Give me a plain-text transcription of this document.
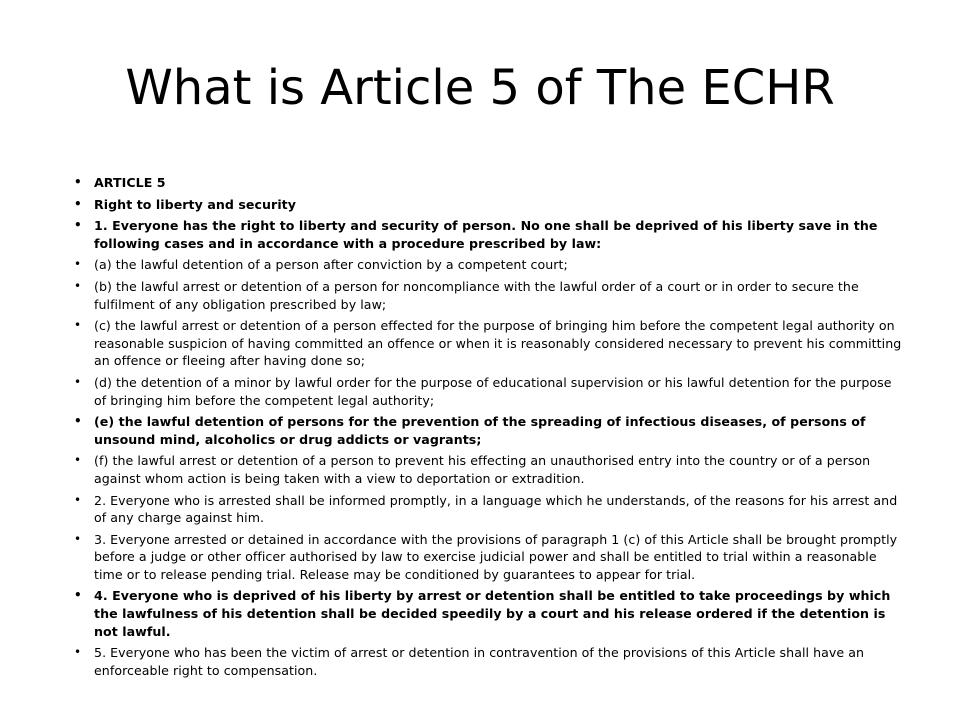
What is Article 5 of The ECHR
• ARTICLE 5
• Right to liberty and security
• 1. Everyone has the right to liberty and security of person. No one shall be deprived of his liberty save in the following cases and in accordance with a procedure prescribed by law:
• (a) the lawful detention of a person after conviction by a competent court;
• (b) the lawful arrest or detention of a person for noncompliance with the lawful order of a court or in order to secure the fulfilment of any obligation prescribed by law;
• (c) the lawful arrest or detention of a person effected for the purpose of bringing him before the competent legal authority on reasonable suspicion of having committed an offence or when it is reasonably considered necessary to prevent his committing an offence or fleeing after having done so;
• (d) the detention of a minor by lawful order for the purpose of educational supervision or his lawful detention for the purpose of bringing him before the competent legal authority;
• (e) the lawful detention of persons for the prevention of the spreading of infectious diseases, of persons of unsound mind, alcoholics or drug addicts or vagrants;
• (f) the lawful arrest or detention of a person to prevent his effecting an unauthorised entry into the country or of a person against whom action is being taken with a view to deportation or extradition.
• 2. Everyone who is arrested shall be informed promptly, in a language which he understands, of the reasons for his arrest and of any charge against him.
• 3. Everyone arrested or detained in accordance with the provisions of paragraph 1 (c) of this Article shall be brought promptly before a judge or other officer authorised by law to exercise judicial power and shall be entitled to trial within a reasonable time or to release pending trial. Release may be conditioned by guarantees to appear for trial.
• 4. Everyone who is deprived of his liberty by arrest or detention shall be entitled to take proceedings by which the lawfulness of his detention shall be decided speedily by a court and his release ordered if the detention is not lawful.
• 5. Everyone who has been the victim of arrest or detention in contravention of the provisions of this Article shall have an enforceable right to compensation.
